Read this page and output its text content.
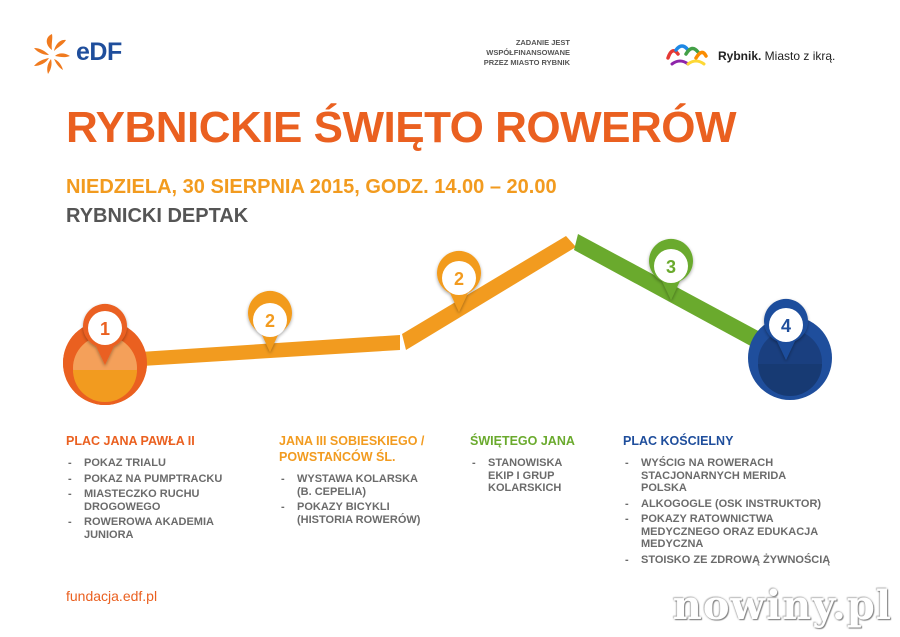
eDF	ZADANIE JEST
WSPÓŁFINANSOWANE
PRZEZ MIASTO RYBNIK	Rybnik. Miasto z ikrą.
RYBNICKIE ŚWIĘTO ROWERÓW
NIEDZIELA, 30 SIERPNIA 2015, GODZ. 14.00 – 20.00
RYBNICKI DEPTAK
1	2
2
3
4
PLAC JANA PAWŁA II
- POKAZ TRIALU
- POKAZ NA PUMPTRACKU
- MIASTECZKO RUCHU DROGOWEGO
- ROWEROWA AKADEMIA JUNIORA
JANA III SOBIESKIEGO / POWSTAŃCÓW ŚL.
- WYSTAWA KOLARSKA (B. CEPELIA)
- POKAZY BICYKLI (HISTORIA ROWERÓW)
ŚWIĘTEGO JANA
- STANOWISKA EKIP I GRUP KOLARSKICH
PLAC KOŚCIELNY
- WYŚCIG NA ROWERACH STACJONARNYCH MERIDA POLSKA
- ALKOGOGLE (OSK INSTRUKTOR)
- POKAZY RATOWNICTWA MEDYCZNEGO ORAZ EDUKACJA MEDYCZNA
- STOISKO ZE ZDROWĄ ŻYWNOŚCIĄ
fundacja.edf.pl	nowiny.pl
